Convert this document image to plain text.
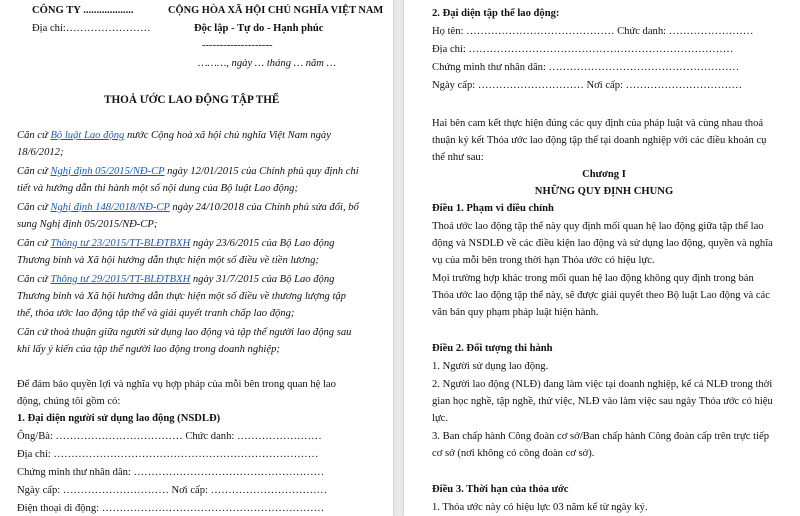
CÔNG TY ...................
Địa chỉ:……………………
CỘNG HÒA XÃ HỘI CHỦ NGHĨA VIỆT NAM
Độc lập - Tự do - Hạnh phúc
--------------------
………, ngày … tháng … năm …
THOẢ ƯỚC LAO ĐỘNG TẬP THỂ
Căn cứ Bộ luật Lao động nước Cộng hoà xã hội chủ nghĩa Việt Nam ngày
18/6/2012;
Căn cứ Nghị định 05/2015/NĐ-CP ngày 12/01/2015 của Chính phủ quy định chi
tiết và hướng dẫn thi hành một số nội dung của Bộ luật Lao động;
Căn cứ Nghị định 148/2018/NĐ-CP ngày 24/10/2018 của Chính phủ sửa đổi, bổ
sung Nghị định 05/2015/NĐ-CP;
Căn cứ Thông tư 23/2015/TT-BLĐTBXH ngày 23/6/2015 của Bộ Lao động
Thương binh và Xã hội hướng dẫn thực hiện một số điều về tiền lương;
Căn cứ Thông tư 29/2015/TT-BLĐTBXH ngày 31/7/2015 của Bộ Lao động
Thương binh và Xã hội hướng dẫn thực hiện một số điều về thương lượng tập
thể, thỏa ước lao động tập thể và giải quyết tranh chấp lao động;
Căn cứ thoả thuận giữa người sử dụng lao động và tập thể người lao động sau
khi lấy ý kiến của tập thể người lao động trong doanh nghiệp;
Để đảm bảo quyền lợi và nghĩa vụ hợp pháp của mỗi bên trong quan hệ lao
động, chúng tôi gồm có:
1. Đại diện người sử dụng lao động (NSDLĐ)
Ông/Bà: ……………………………… Chức danh: ……………………
Địa chỉ: …………………………………………………………………
Chứng minh thư nhân dân: ………………………………………………
Ngày cấp: ………………………… Nơi cấp: ……………………………
Điện thoại di động: ………………………………………………………
2. Đại diện tập thể lao động:
Họ tên: …………………………………… Chức danh: ……………………
Địa chỉ: …………………………………………………………………
Chứng minh thư nhân dân: ………………………………………………
Ngày cấp: ………………………… Nơi cấp: ……………………………
Hai bên cam kết thực hiện đúng các quy định của pháp luật và cùng nhau thoả
thuận ký kết Thỏa ước lao động tập thể tại doanh nghiệp với các điều khoản cụ
thể như sau:
Chương I
NHỮNG QUY ĐỊNH CHUNG
Điều 1. Phạm vi điều chỉnh
Thoả ước lao động tập thể này quy định mối quan hệ lao động giữa tập thể lao
động và NSDLĐ về các điều kiện lao động và sử dụng lao động, quyền và nghĩa
vụ của mỗi bên trong thời hạn Thỏa ước có hiệu lực.
Mọi trường hợp khác trong mối quan hệ lao động không quy định trong bản
Thỏa ước lao động tập thể này, sẽ được giải quyết theo Bộ luật Lao động và các
văn bản quy phạm pháp luật hiện hành.
Điều 2. Đối tượng thi hành
1. Người sử dụng lao động.
2. Người lao động (NLĐ) đang làm việc tại doanh nghiệp, kể cả NLĐ trong thời
gian học nghề, tập nghề, thử việc, NLĐ vào làm việc sau ngày Thỏa ước có hiệu
lực.
3. Ban chấp hành Công đoàn cơ sở/Ban chấp hành Công đoàn cấp trên trực tiếp
cơ sở (nơi không có công đoàn cơ sở).
Điều 3. Thời hạn của thỏa ước
1. Thỏa ước này có hiệu lực 03 năm kể từ ngày ký.
